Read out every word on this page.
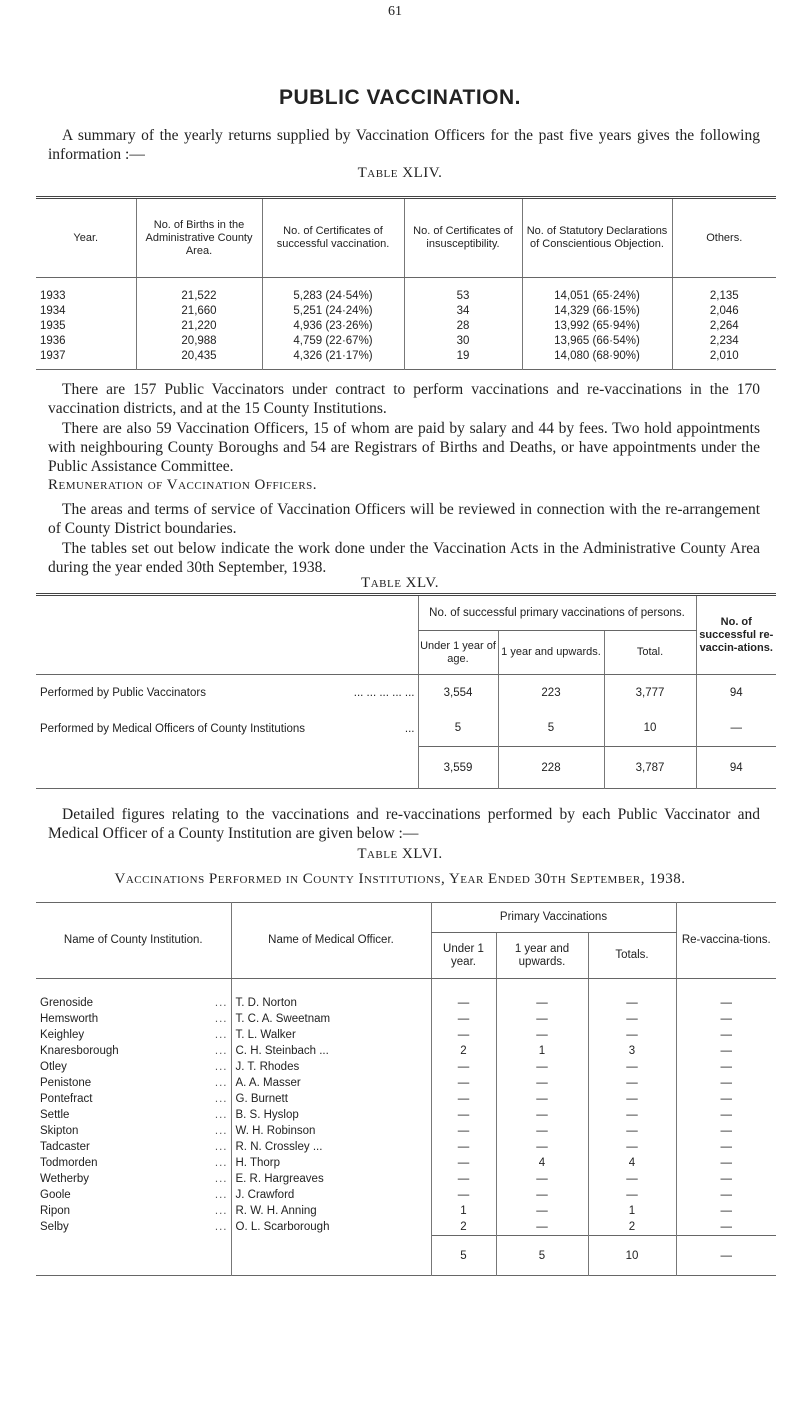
61
PUBLIC VACCINATION.
A summary of the yearly returns supplied by Vaccination Officers for the past five years gives the following information :—
Table XLIV.
Year.	No. of Births in the Administrative County Area.	No. of Certificates of successful vaccination.	No. of Certificates of insusceptibility.	No. of Statutory Declarations of Conscientious Objection.	Others.
1933	21,522	5,283 (24·54%)	53	14,051 (65·24%)	2,135
1934	21,660	5,251 (24·24%)	34	14,329 (66·15%)	2,046
1935	21,220	4,936 (23·26%)	28	13,992 (65·94%)	2,264
1936	20,988	4,759 (22·67%)	30	13,965 (66·54%)	2,234
1937	20,435	4,326 (21·17%)	19	14,080 (68·90%)	2,010
There are 157 Public Vaccinators under contract to perform vaccinations and re-vaccinations in the 170 vaccination districts, and at the 15 County Institutions.
There are also 59 Vaccination Officers, 15 of whom are paid by salary and 44 by fees. Two hold appointments with neighbouring County Boroughs and 54 are Registrars of Births and Deaths, or have appointments under the Public Assistance Committee.
Remuneration of Vaccination Officers.
The areas and terms of service of Vaccination Officers will be reviewed in connection with the re-arrangement of County District boundaries.
The tables set out below indicate the work done under the Vaccination Acts in the Administrative County Area during the year ended 30th September, 1938.
Table XLV.
	No. of successful primary vaccinations of persons.			No. of successful re-vaccin-ations.
	Under 1 year of age.	1 year and upwards.	Total.	

Performed by Public Vaccinators ... ... ... ... ...	3,554	223	3,777	94

Performed by Medical Officers of County Institutions ...	5	5	10	—
	3,559	228	3,787	94
Detailed figures relating to the vaccinations and re-vaccinations performed by each Public Vaccinator and Medical Officer of a County Institution are given below :—
Table XLVI.
Vaccinations Performed in County Institutions, Year Ended 30th September, 1938.
Name of County Institution.	Name of Medical Officer.	Primary Vaccinations			Re-vaccina-tions.
		Under 1 year.	1 year and upwards.	Totals.	

Grenoside ...	T. D. Norton	—	—	—	—

Hemsworth ...	T. C. A. Sweetnam	—	—	—	—

Keighley ...	T. L. Walker	—	—	—	—

Knaresborough ...	C. H. Steinbach ...	2	1	3	—

Otley ...	J. T. Rhodes	—	—	—	—

Penistone ...	A. A. Masser	—	—	—	—

Pontefract ...	G. Burnett	—	—	—	—

Settle ...	B. S. Hyslop	—	—	—	—

Skipton ...	W. H. Robinson	—	—	—	—

Tadcaster ...	R. N. Crossley ...	—	—	—	—

Todmorden ...	H. Thorp	—	4	4	—

Wetherby ...	E. R. Hargreaves	—	—	—	—

Goole ...	J. Crawford	—	—	—	—

Ripon ...	R. W. H. Anning	1	—	1	—

Selby ...	O. L. Scarborough	2	—	2	—
		5	5	10	—
